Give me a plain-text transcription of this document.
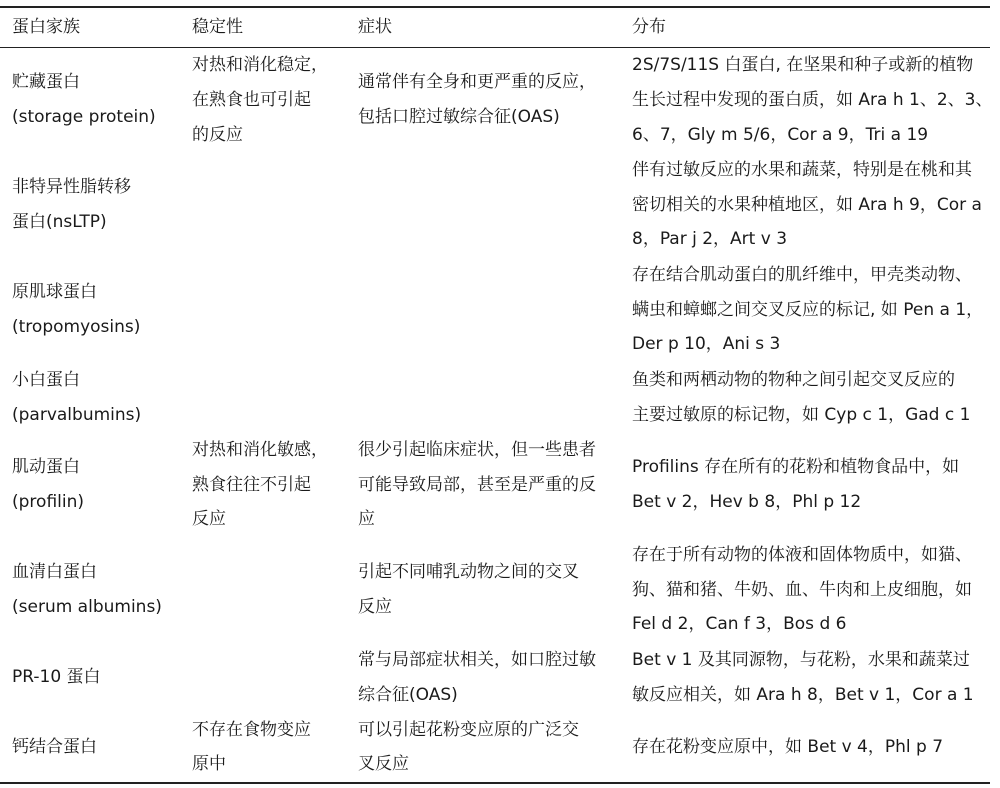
蛋白家族	稳定性	症状	分布

贮藏蛋白
(storage protein)	对热和消化稳定，
在熟食也可引起
的反应	通常伴有全身和更严重的反应，
包括口腔过敏综合征(OAS)	2S/7S/11S 白蛋白, 在坚果和种子或新的植物
生长过程中发现的蛋白质，如 Ara h 1、2、3、
6、7，Gly m 5/6，Cor a 9，Tri a 19

非特异性脂转移
蛋白(nsLTP)			伴有过敏反应的水果和蔬菜，特别是在桃和其
密切相关的水果种植地区，如 Ara h 9，Cor a
8，Par j 2，Art v 3

原肌球蛋白
(tropomyosins)			存在结合肌动蛋白的肌纤维中，甲壳类动物、
螨虫和蟑螂之间交叉反应的标记, 如 Pen a 1，
Der p 10，Ani s 3

小白蛋白
(parvalbumins)			鱼类和两栖动物的物种之间引起交叉反应的
主要过敏原的标记物，如 Cyp c 1，Gad c 1

肌动蛋白
(profilin)	对热和消化敏感，
熟食往往不引起
反应	很少引起临床症状，但一些患者
可能导致局部，甚至是严重的反
应	Profilins 存在所有的花粉和植物食品中，如
Bet v 2，Hev b 8，Phl p 12

血清白蛋白
(serum albumins)		引起不同哺乳动物之间的交叉
反应	存在于所有动物的体液和固体物质中，如猫、
狗、猫和猪、牛奶、血、牛肉和上皮细胞，如
Fel d 2，Can f 3，Bos d 6

PR-10 蛋白		常与局部症状相关，如口腔过敏
综合征(OAS)	Bet v 1 及其同源物，与花粉，水果和蔬菜过
敏反应相关，如 Ara h 8，Bet v 1，Cor a 1

钙结合蛋白	不存在食物变应
原中	可以引起花粉变应原的广泛交
叉反应	存在花粉变应原中，如 Bet v 4，Phl p 7
